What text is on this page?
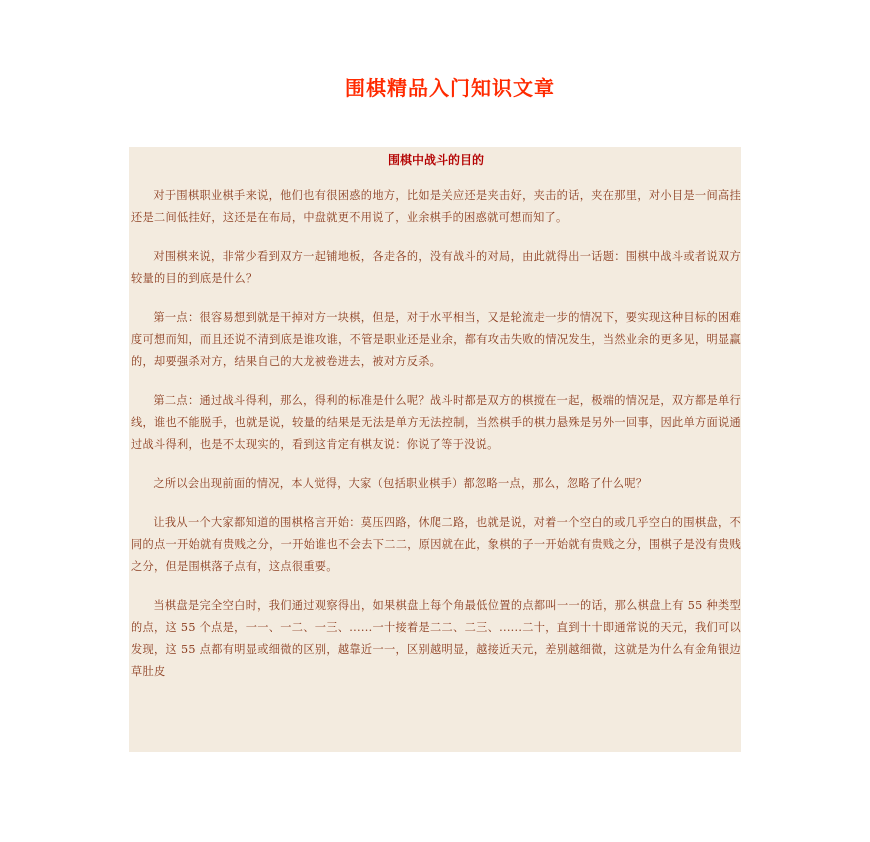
围棋精品入门知识文章
围棋中战斗的目的

对于围棋职业棋手来说，他们也有很困惑的地方，比如是关应还是夹击好，夹击的话，夹在那里，对小目是一间高挂还是二间低挂好，这还是在布局，中盘就更不用说了，业余棋手的困惑就可想而知了。

对围棋来说，非常少看到双方一起铺地板，各走各的，没有战斗的对局，由此就得出一话题：围棋中战斗或者说双方较量的目的到底是什么？

第一点：很容易想到就是干掉对方一块棋，但是，对于水平相当，又是轮流走一步的情况下，要实现这种目标的困难度可想而知，而且还说不清到底是谁攻谁，不管是职业还是业余，都有攻击失败的情况发生，当然业余的更多见，明显赢的，却要强杀对方，结果自己的大龙被卷进去，被对方反杀。

第二点：通过战斗得利，那么，得利的标准是什么呢？战斗时都是双方的棋搅在一起，极端的情况是，双方都是单行线，谁也不能脱手，也就是说，较量的结果是无法是单方无法控制，当然棋手的棋力悬殊是另外一回事，因此单方面说通过战斗得利，也是不太现实的，看到这肯定有棋友说：你说了等于没说。

之所以会出现前面的情况，本人觉得，大家（包括职业棋手）都忽略一点，那么，忽略了什么呢？

让我从一个大家都知道的围棋格言开始：莫压四路，休爬二路，也就是说，对着一个空白的或几乎空白的围棋盘，不同的点一开始就有贵贱之分，一开始谁也不会去下二二，原因就在此，象棋的子一开始就有贵贱之分，围棋子是没有贵贱之分，但是围棋落子点有，这点很重要。

当棋盘是完全空白时，我们通过观察得出，如果棋盘上每个角最低位置的点都叫一一的话，那么棋盘上有 55 种类型的点，这 55 个点是，一一、一二、一三、......一十接着是二二、二三、......二十，直到十十即通常说的天元，我们可以发现，这 55 点都有明显或细微的区别，越靠近一一，区别越明显，越接近天元，差别越细微，这就是为什么有金角银边草肚皮
